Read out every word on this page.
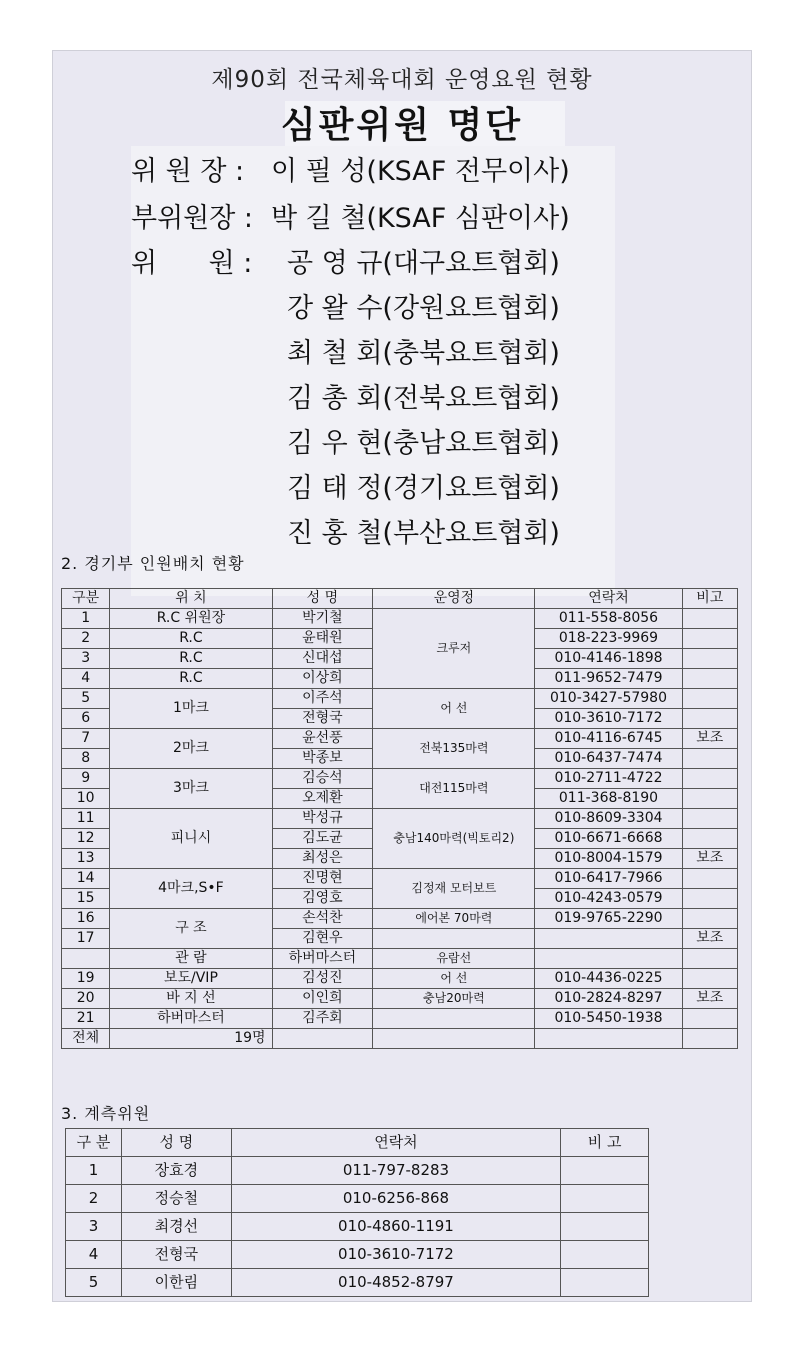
제90회 전국체육대회 운영요원 현황
심판위원 명단
위 원 장 : 이 필 성(KSAF 전무이사)
부위원장 : 박 길 철(KSAF 심판이사)
위      원 :	공 영 규(대구요트협회)
강 왈 수(강원요트협회)
최 철 회(충북요트협회)
김 총 회(전북요트협회)
김 우 현(충남요트협회)
김 태 정(경기요트협회)
진 홍 철(부산요트협회)
2. 경기부 인원배치 현황
구분	위 치	성 명	운영정	연락처	비고
1	R.C 위원장	박기철	크루저	011-558-8056	
2	R.C	윤태원		018-223-9969	
3	R.C	신대섭		010-4146-1898	
4	R.C	이상희		011-9652-7479	
5	1마크	이주석	어 선	010-3427-57980	
6		전형국		010-3610-7172	
7	2마크	윤선풍	전북135마력	010-4116-6745	보조
8		박종보		010-6437-7474	
9	3마크	김승석	대전115마력	010-2711-4722	
10		오제환		011-368-8190	
11	피니시	박성규	충남140마력(빅토리2)	010-8609-3304	
12		김도균		010-6671-6668	
13		최성은		010-8004-1579	보조
14	4마크,S•F	진명현	김정재 모터보트	010-6417-7966	
15		김영호		010-4243-0579	
16	구 조	손석찬	에어본 70마력	019-9765-2290	
17		김현우			보조
	관 람	하버마스터	유람선		
19	보도/VIP	김성진	어 선	010-4436-0225	
20	바 지 선	이인희	충남20마력	010-2824-8297	보조
21	하버마스터	김주회		010-5450-1938	
전체	19명				
3. 계측위원
구 분	성 명	연락처	비 고
1	장효경	011-797-8283	
2	정승철	010-6256-868	
3	최경선	010-4860-1191	
4	전형국	010-3610-7172	
5	이한림	010-4852-8797	
